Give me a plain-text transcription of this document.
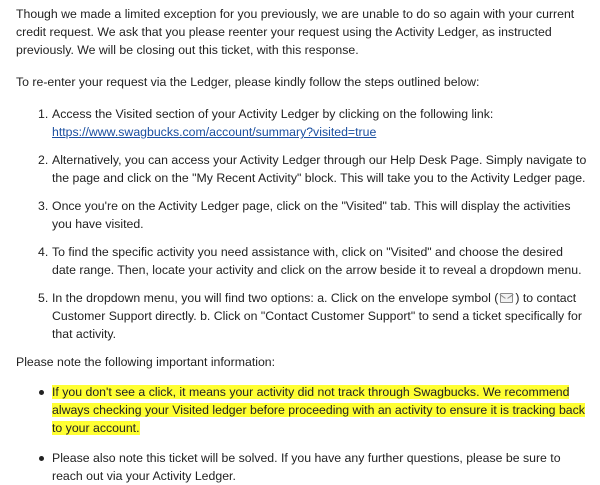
Though we made a limited exception for you previously, we are unable to do so again with your current credit request. We ask that you please reenter your request using the Activity Ledger, as instructed previously. We will be closing out this ticket, with this response.

To re-enter your request via the Ledger, please kindly follow the steps outlined below:

1. Access the Visited section of your Activity Ledger by clicking on the following link:
https://www.swagbucks.com/account/summary?visited=true
2. Alternatively, you can access your Activity Ledger through our Help Desk Page. Simply navigate to the page and click on the "My Recent Activity" block. This will take you to the Activity Ledger page.
3. Once you're on the Activity Ledger page, click on the "Visited" tab. This will display the activities you have visited.
4. To find the specific activity you need assistance with, click on "Visited" and choose the desired date range. Then, locate your activity and click on the arrow beside it to reveal a dropdown menu.
5. In the dropdown menu, you will find two options: a. Click on the envelope symbol ( ) to contact Customer Support directly. b. Click on "Contact Customer Support" to send a ticket specifically for that activity.

Please note the following important information:

If you don't see a click, it means your activity did not track through Swagbucks. We recommend always checking your Visited ledger before proceeding with an activity to ensure it is tracking back to your account.
Please also note this ticket will be solved. If you have any further questions, please be sure to reach out via your Activity Ledger.
